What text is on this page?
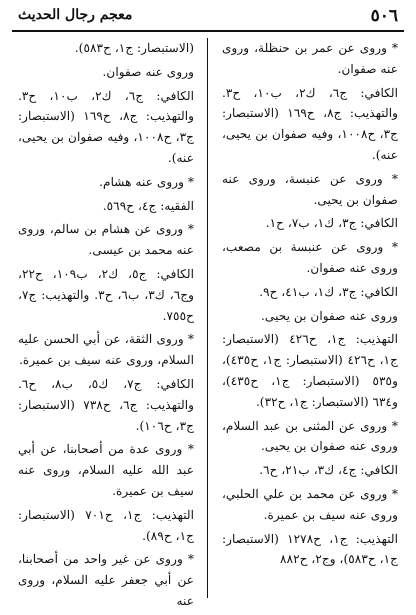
٥٠٦
معجم رجال الحديث

* وروى عن عمر بن حنظلة، وروى عنه صفوان.

الكافي: ج٦، ك٢، ب١٠، ح٣. والتهذيب: ج٨، ح١٦٩ (الاستبصار: ج٣، ح١٠٠٨، وفيه صفوان بن يحيى، عنه).

* وروى عن عنبسة، وروى عنه صفوان بن يحيى.

الكافي: ج٣، ك١، ب٧، ح١.

* وروى عن عنبسة بن مصعب، وروى عنه صفوان.

الكافي: ج٣، ك١، ب٤١، ح٩.

وروى عنه صفوان بن يحيى.

التهذيب: ج١، ح٤٢٦ (الاستبصار: ج١، ح٤٢٦ (الاستبصار: ج١، ح٤٣٥)، و٥٣٥ (الاستبصار: ج١، ح٤٣٥)، و٦٣٤ (الاستبصار: ج١، ح٣٢).

* وروى عن المثنى بن عبد السلام، وروى عنه صفوان بن يحيى.

الكافي: ج٤، ك٣، ب٢١، ح٦.

* وروى عن محمد بن علي الحلبي، وروى عنه سيف بن عميرة.

التهذيب: ج١، ح١٢٧٨ (الاستبصار: ج١، ح٥٨٣)، وج٢، ح٨٨٢

(الاستبصار: ج١، ح٥٨٣).

وروى عنه صفوان.

الكافي: ج٦، ك٢، ب١٠، ح٣. والتهذيب: ج٨، ح١٦٩ (الاستبصار: ج٣، ح١٠٠٨، وفيه صفوان بن يحيى، عنه).

* وروى عنه هشام.

الفقيه: ج٤، ح٥٦٩.

* وروى عن هشام بن سالم، وروى عنه محمد بن عيسى.

الكافي: ج٥، ك٢، ب١٠٩، ح٢٢، وج٦، ك٣، ب٦، ح٣. والتهذيب: ج٧، ح٧٥٥.

* وروى الثقة، عن أبي الحسن عليه السلام، وروى عنه سيف بن عميرة.

الكافي: ج٧، ك٥، ب٨، ح٦. والتهذيب: ج٦، ح٧٣٨ (الاستبصار: ج٣، ح١٠٦).

* وروى عدة من أصحابنا، عن أبي عبد الله عليه السلام، وروى عنه سيف بن عميرة.

التهذيب: ج١، ح٧٠١ (الاستبصار: ج١، ح٨٩).

* وروى عن غير واحد من أصحابنا، عن أبي جعفر عليه السلام، وروى عنه
